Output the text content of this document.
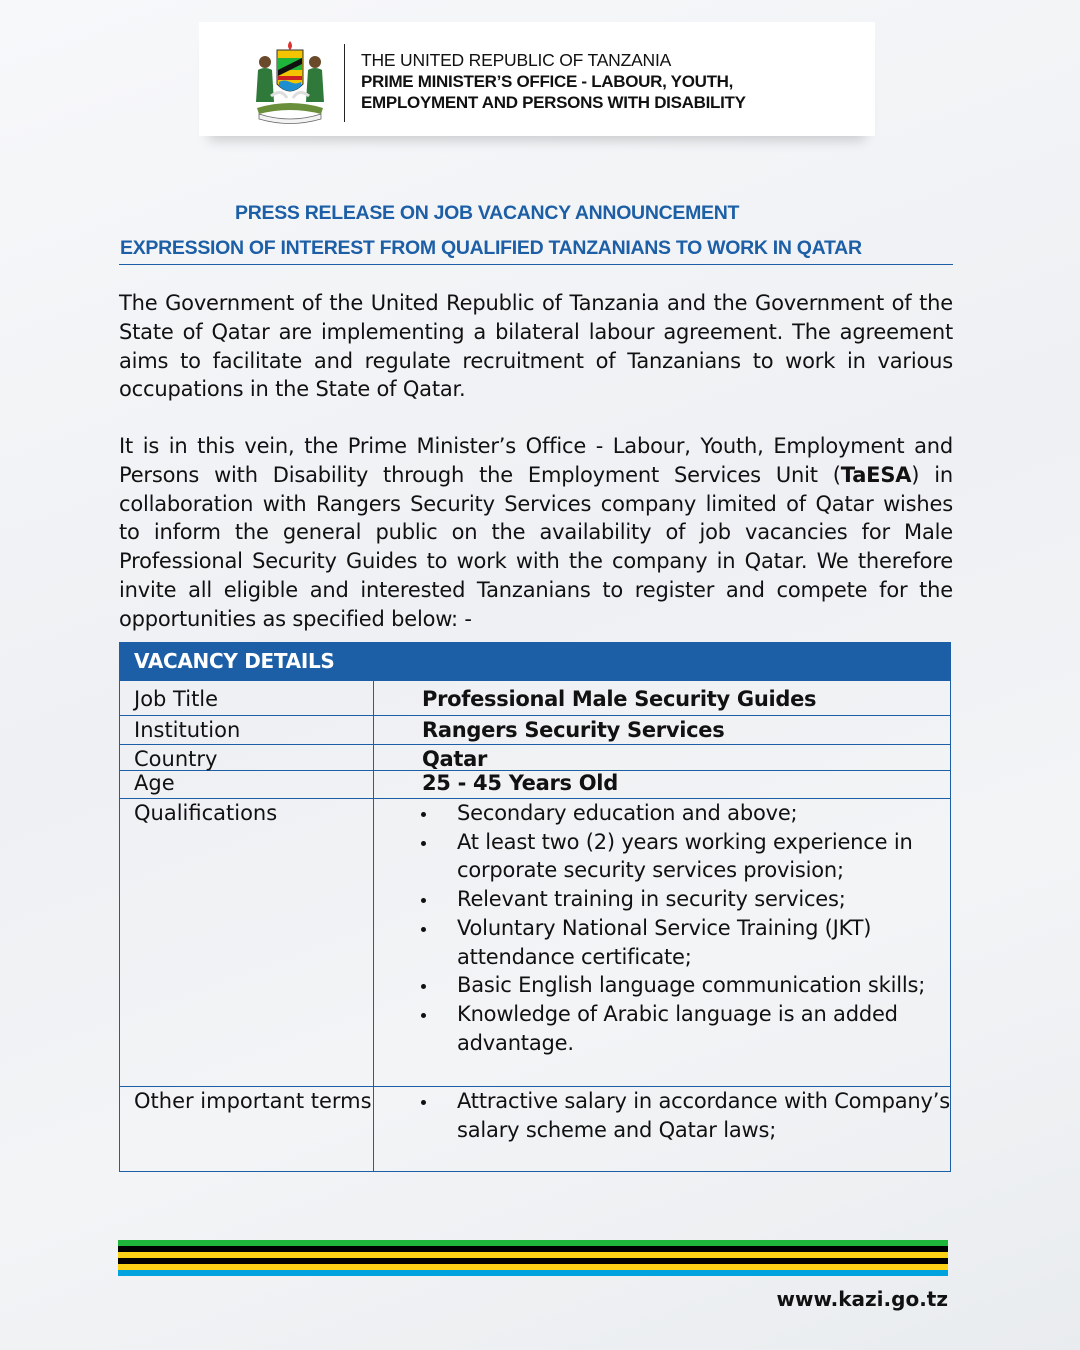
THE UNITED REPUBLIC OF TANZANIA
PRIME MINISTER’S OFFICE - LABOUR, YOUTH,
EMPLOYMENT AND PERSONS WITH DISABILITY
PRESS RELEASE ON JOB VACANCY ANNOUNCEMENT
EXPRESSION OF INTEREST FROM QUALIFIED TANZANIANS TO WORK IN QATAR
The Government of the United Republic of Tanzania and the Government of the State of Qatar are implementing a bilateral labour agreement. The agreement aims to facilitate and regulate recruitment of Tanzanians to work in various occupations in the State of Qatar.
It is in this vein, the Prime Minister’s Office - Labour, Youth, Employment and Persons with Disability through the Employment Services Unit (TaESA) in collaboration with Rangers Security Services company limited of Qatar wishes to inform the general public on the availability of job vacancies for Male Professional Security Guides to work with the company in Qatar. We therefore invite all eligible and interested Tanzanians to register and compete for the opportunities as specified below: -
VACANCY DETAILS
Job Title	Professional Male Security Guides
Institution	Rangers Security Services
Country	Qatar
Age	25 - 45 Years Old
Qualifications	Secondary education and above;
At least two (2) years working experience in corporate security services provision;
Relevant training in security services;
Voluntary National Service Training (JKT) attendance certificate;
Basic English language communication skills;
Knowledge of Arabic language is an added advantage.
Other important terms	Attractive salary in accordance with Company’s salary scheme and Qatar laws;
www.kazi.go.tz
